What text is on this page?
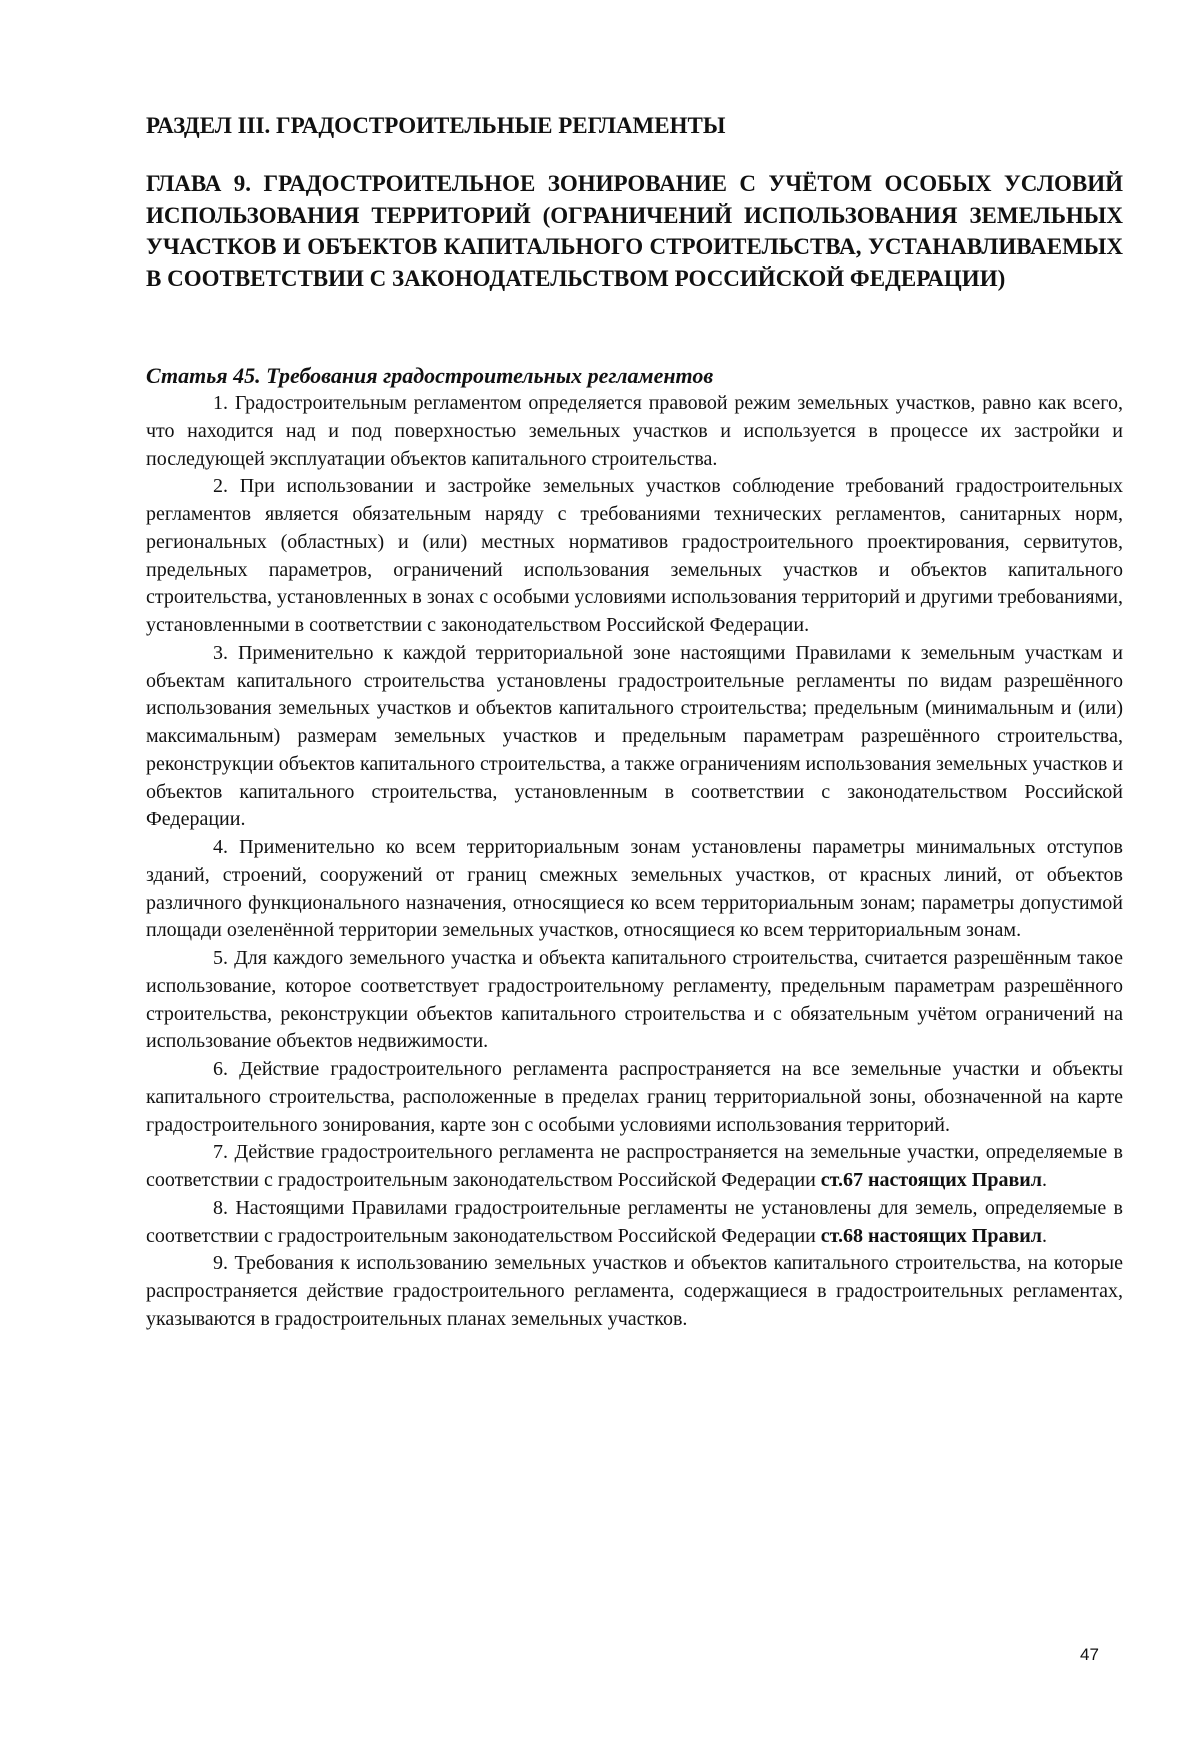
РАЗДЕЛ III. ГРАДОСТРОИТЕЛЬНЫЕ РЕГЛАМЕНТЫ
ГЛАВА 9. ГРАДОСТРОИТЕЛЬНОЕ ЗОНИРОВАНИЕ С УЧЁТОМ ОСОБЫХ УСЛОВИЙ ИСПОЛЬЗОВАНИЯ ТЕРРИТОРИЙ (ОГРАНИЧЕНИЙ ИСПОЛЬЗОВАНИЯ ЗЕМЕЛЬНЫХ УЧАСТКОВ И ОБЪЕКТОВ КАПИТАЛЬНОГО СТРОИТЕЛЬСТВА, УСТАНАВЛИВАЕМЫХ В СООТВЕТСТВИИ С ЗАКОНОДАТЕЛЬСТВОМ РОССИЙСКОЙ ФЕДЕРАЦИИ)
Статья 45. Требования градостроительных регламентов

1. Градостроительным регламентом определяется правовой режим земельных участков, равно как всего, что находится над и под поверхностью земельных участков и используется в процессе их застройки и последующей эксплуатации объектов капитального строительства.

2. При использовании и застройке земельных участков соблюдение требований градостроительных регламентов является обязательным наряду с требованиями технических регламентов, санитарных норм, региональных (областных) и (или) местных нормативов градостроительного проектирования, сервитутов, предельных параметров, ограничений использования земельных участков и объектов капитального строительства, установленных в зонах с особыми условиями использования территорий и другими требованиями, установленными в соответствии с законодательством Российской Федерации.

3. Применительно к каждой территориальной зоне настоящими Правилами к земельным участкам и объектам капитального строительства установлены градостроительные регламенты по видам разрешённого использования земельных участков и объектов капитального строительства; предельным (минимальным и (или) максимальным) размерам земельных участков и предельным параметрам разрешённого строительства, реконструкции объектов капитального строительства, а также ограничениям использования земельных участков и объектов капитального строительства, установленным в соответствии с законодательством Российской Федерации.

4. Применительно ко всем территориальным зонам установлены параметры минимальных отступов зданий, строений, сооружений от границ смежных земельных участков, от красных линий, от объектов различного функционального назначения, относящиеся ко всем территориальным зонам; параметры допустимой площади озеленённой территории земельных участков, относящиеся ко всем территориальным зонам.

5. Для каждого земельного участка и объекта капитального строительства, считается разрешённым такое использование, которое соответствует градостроительному регламенту, предельным параметрам разрешённого строительства, реконструкции объектов капитального строительства и с обязательным учётом ограничений на использование объектов недвижимости.

6. Действие градостроительного регламента распространяется на все земельные участки и объекты капитального строительства, расположенные в пределах границ территориальной зоны, обозначенной на карте градостроительного зонирования, карте зон с особыми условиями использования территорий.

7. Действие градостроительного регламента не распространяется на земельные участки, определяемые в соответствии с градостроительным законодательством Российской Федерации ст.67 настоящих Правил.

8. Настоящими Правилами градостроительные регламенты не установлены для земель, определяемые в соответствии с градостроительным законодательством Российской Федерации ст.68 настоящих Правил.

9. Требования к использованию земельных участков и объектов капитального строительства, на которые распространяется действие градостроительного регламента, содержащиеся в градостроительных регламентах, указываются в градостроительных планах земельных участков.

47
